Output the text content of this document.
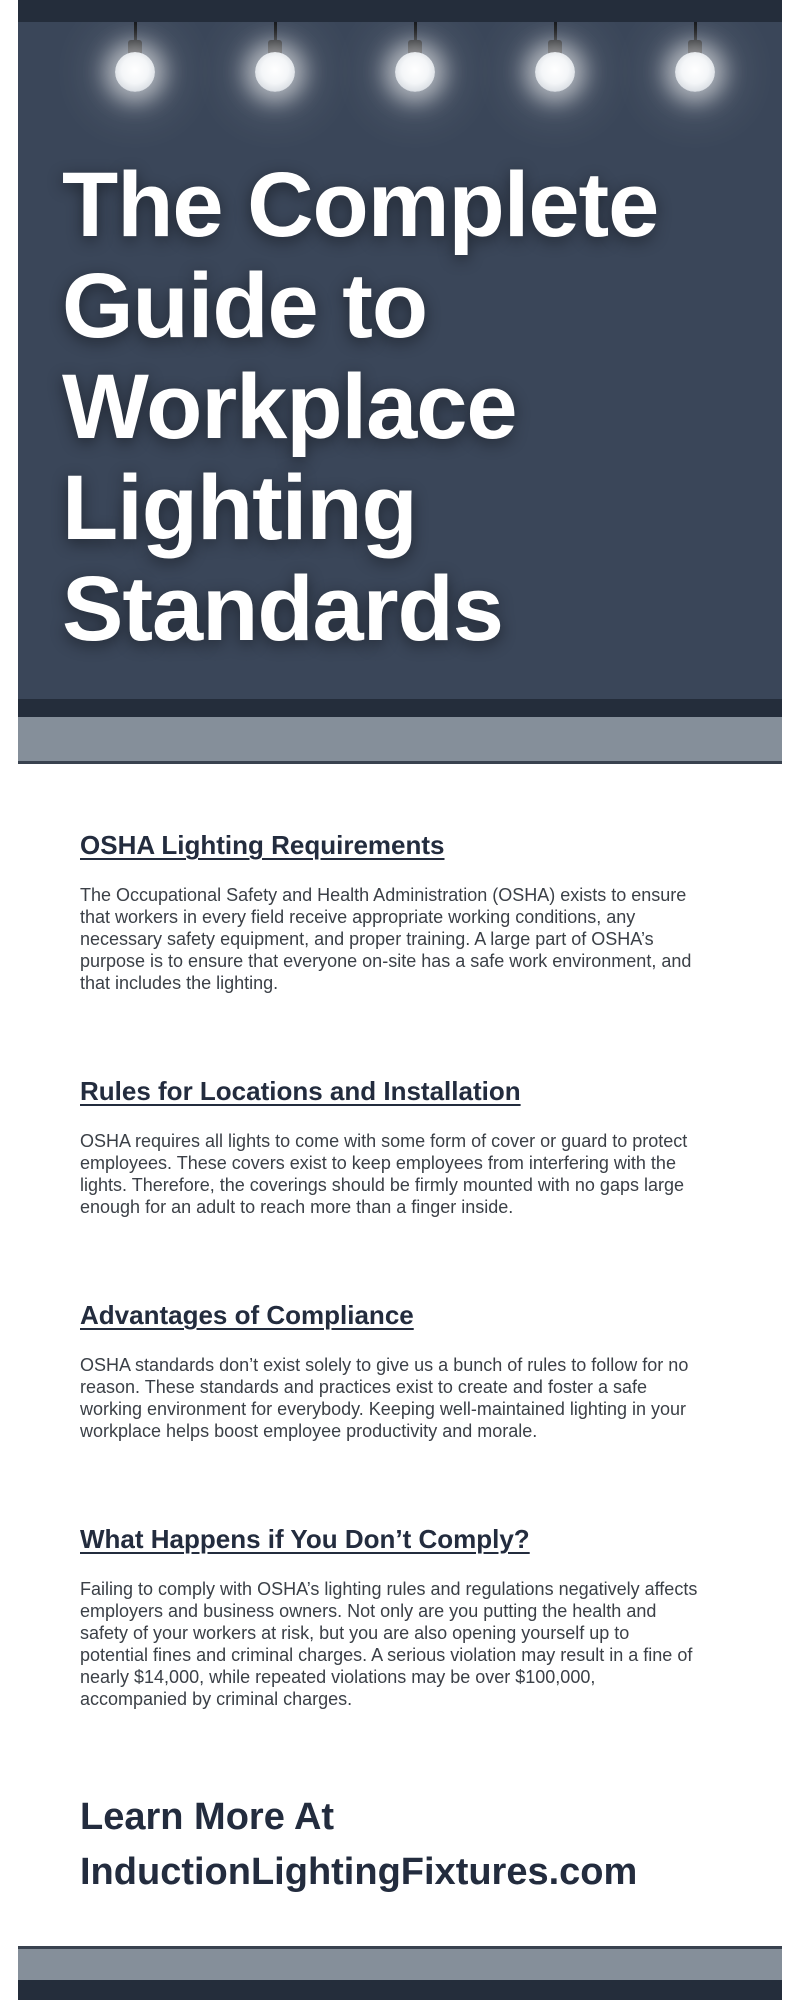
The Complete Guide to Workplace Lighting Standards
OSHA Lighting Requirements

The Occupational Safety and Health Administration (OSHA) exists to ensure that workers in every field receive appropriate working conditions, any necessary safety equipment, and proper training. A large part of OSHA’s purpose is to ensure that everyone on-site has a safe work environment, and that includes the lighting.

Rules for Locations and Installation

OSHA requires all lights to come with some form of cover or guard to protect employees. These covers exist to keep employees from interfering with the lights. Therefore, the coverings should be firmly mounted with no gaps large enough for an adult to reach more than a finger inside.

Advantages of Compliance

OSHA standards don’t exist solely to give us a bunch of rules to follow for no reason. These standards and practices exist to create and foster a safe working environment for everybody. Keeping well-maintained lighting in your workplace helps boost employee productivity and morale.

What Happens if You Don’t Comply?

Failing to comply with OSHA’s lighting rules and regulations negatively affects employers and business owners. Not only are you putting the health and safety of your workers at risk, but you are also opening yourself up to potential fines and criminal charges. A serious violation may result in a fine of nearly $14,000, while repeated violations may be over $100,000, accompanied by criminal charges.

Learn More At
InductionLightingFixtures.com
